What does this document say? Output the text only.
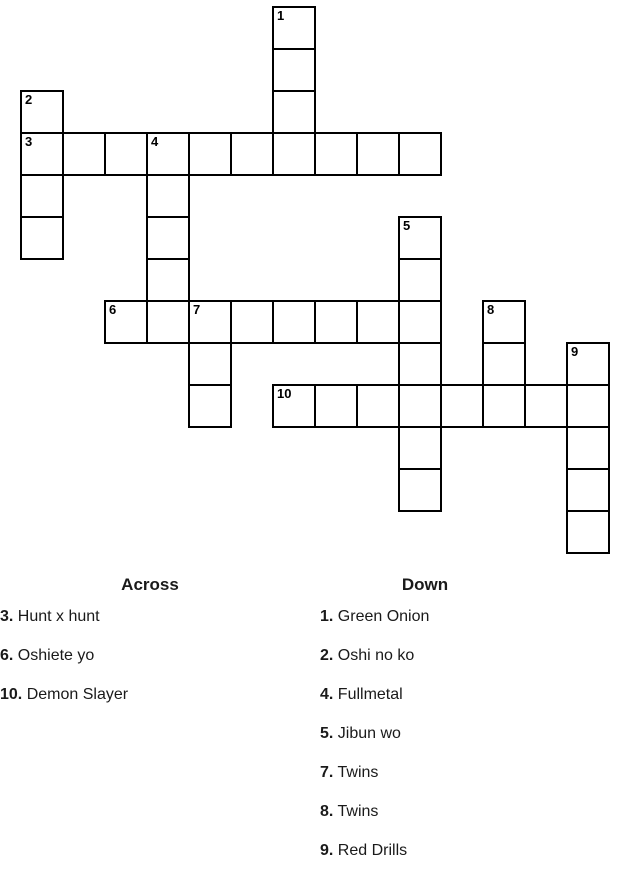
1
2
3	4
5
6	7	8
9
10
Across
3. Hunt x hunt
6. Oshiete yo
10. Demon Slayer
Down
1. Green Onion
2. Oshi no ko
4. Fullmetal
5. Jibun wo
7. Twins
8. Twins
9. Red Drills
